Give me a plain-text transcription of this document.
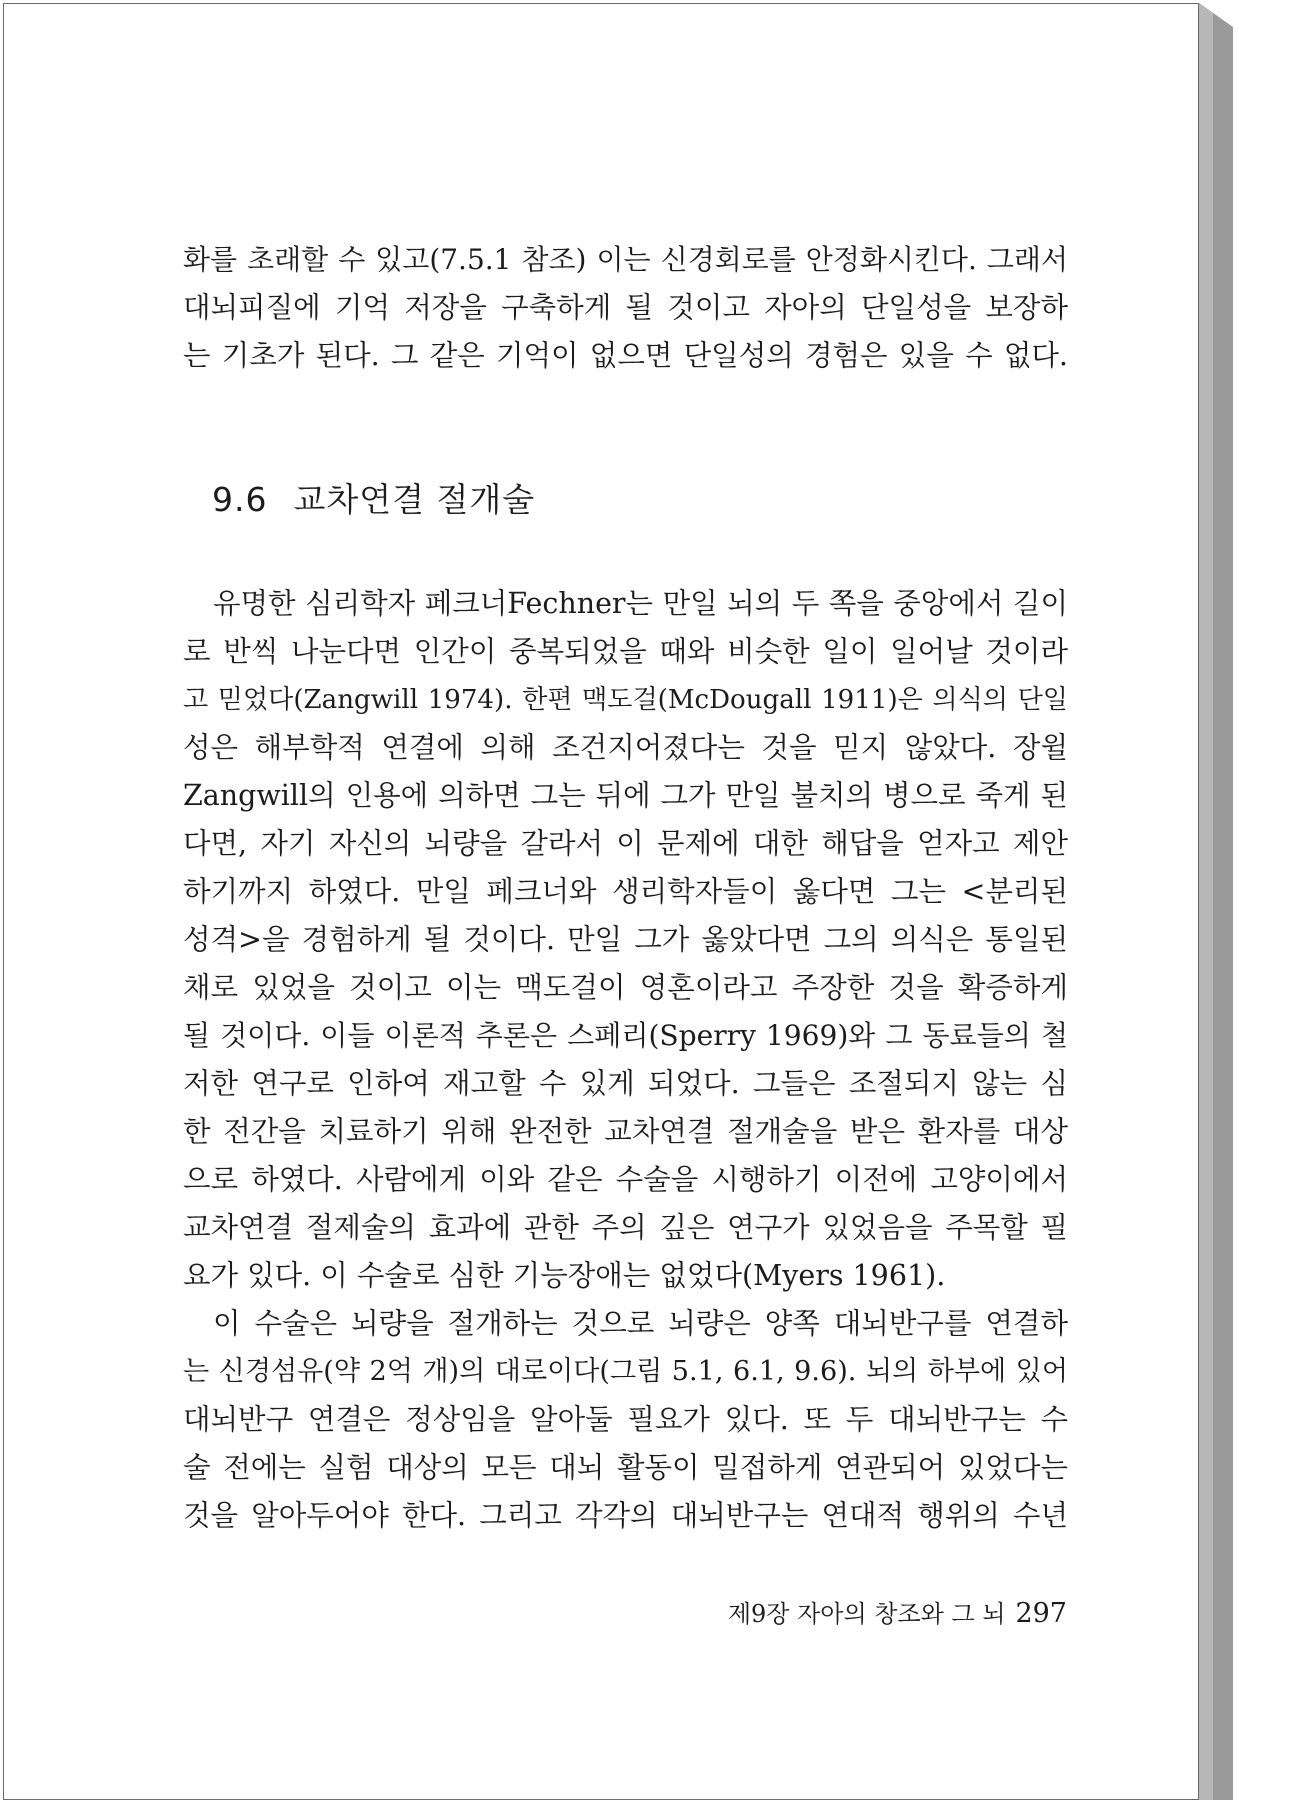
화를 초래할 수 있고(7.5.1 참조) 이는 신경회로를 안정화시킨다. 그래서
대뇌피질에 기억 저장을 구축하게 될 것이고 자아의 단일성을 보장하
는 기초가 된다. 그 같은 기억이 없으면 단일성의 경험은 있을 수 없다.
9.6 교차연결 절개술
유명한 심리학자 페크너Fechner는 만일 뇌의 두 쪽을 중앙에서 길이
로 반씩 나눈다면 인간이 중복되었을 때와 비슷한 일이 일어날 것이라
고 믿었다(Zangwill 1974). 한편 맥도걸(McDougall 1911)은 의식의 단일
성은 해부학적 연결에 의해 조건지어졌다는 것을 믿지 않았다. 장윌
Zangwill의 인용에 의하면 그는 뒤에 그가 만일 불치의 병으로 죽게 된
다면, 자기 자신의 뇌량을 갈라서 이 문제에 대한 해답을 얻자고 제안
하기까지 하였다. 만일 페크너와 생리학자들이 옳다면 그는 <분리된
성격>을 경험하게 될 것이다. 만일 그가 옳았다면 그의 의식은 통일된
채로 있었을 것이고 이는 맥도걸이 영혼이라고 주장한 것을 확증하게
될 것이다. 이들 이론적 추론은 스페리(Sperry 1969)와 그 동료들의 철
저한 연구로 인하여 재고할 수 있게 되었다. 그들은 조절되지 않는 심
한 전간을 치료하기 위해 완전한 교차연결 절개술을 받은 환자를 대상
으로 하였다. 사람에게 이와 같은 수술을 시행하기 이전에 고양이에서
교차연결 절제술의 효과에 관한 주의 깊은 연구가 있었음을 주목할 필
요가 있다. 이 수술로 심한 기능장애는 없었다(Myers 1961).
이 수술은 뇌량을 절개하는 것으로 뇌량은 양쪽 대뇌반구를 연결하
는 신경섬유(약 2억 개)의 대로이다(그림 5.1, 6.1, 9.6). 뇌의 하부에 있어
대뇌반구 연결은 정상임을 알아둘 필요가 있다. 또 두 대뇌반구는 수
술 전에는 실험 대상의 모든 대뇌 활동이 밀접하게 연관되어 있었다는
것을 알아두어야 한다. 그리고 각각의 대뇌반구는 연대적 행위의 수년
제9장 자아의 창조와 그 뇌 297
